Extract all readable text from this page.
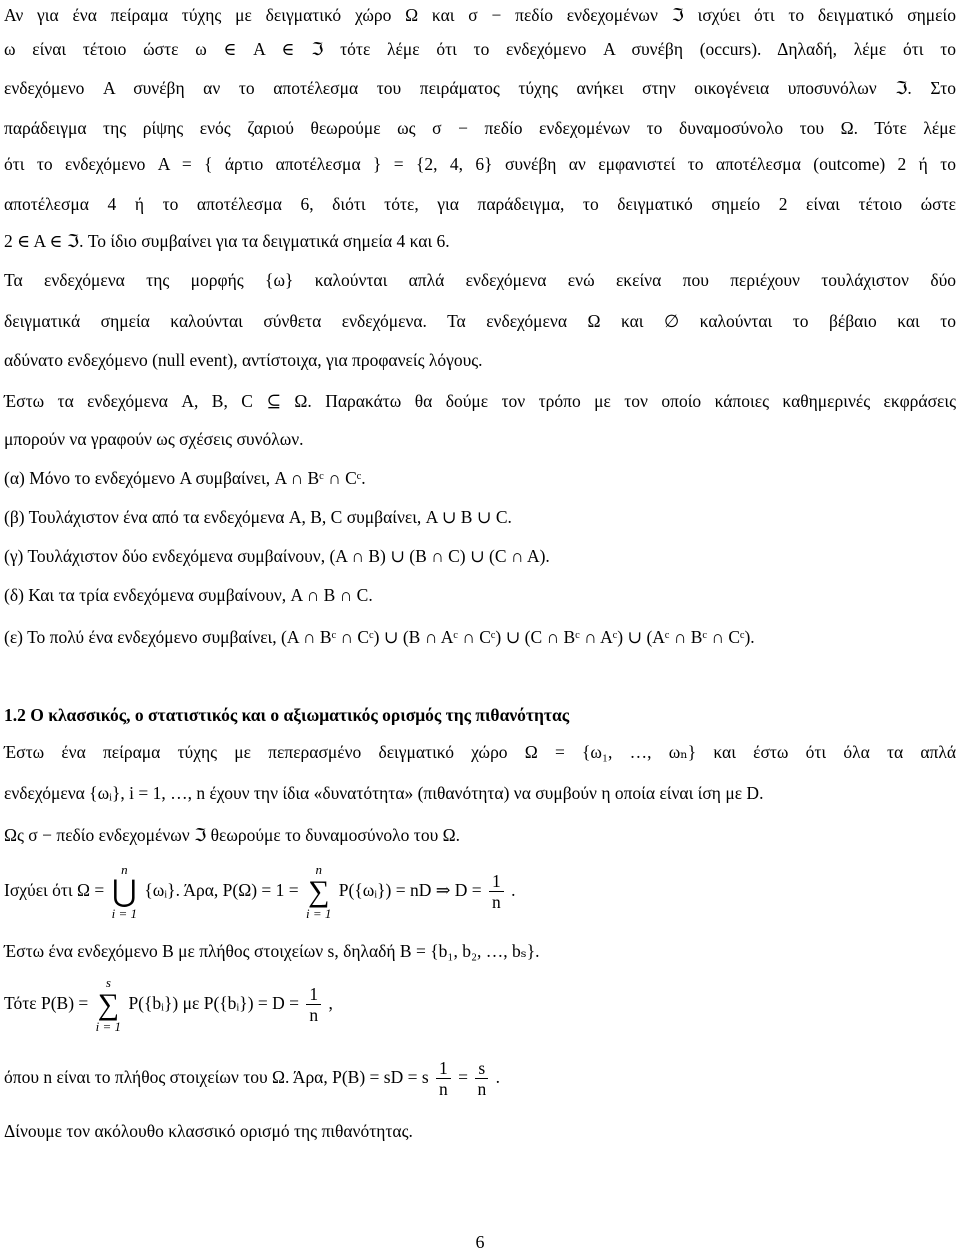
Αν για ένα πείραμα τύχης με δειγματικό χώρο Ω και σ − πεδίο ενδεχομένων ℑ ισχύει ότι το δειγματικό σημείο
ω είναι τέτοιο ώστε ω ∈ A ∈ ℑ τότε λέμε ότι το ενδεχόμενο A συνέβη (occurs). Δηλαδή, λέμε ότι το
ενδεχόμενο A συνέβη αν το αποτέλεσμα του πειράματος τύχης ανήκει στην οικογένεια υποσυνόλων ℑ. Στο
παράδειγμα της ρίψης ενός ζαριού θεωρούμε ως σ − πεδίο ενδεχομένων το δυναμοσύνολο του Ω. Τότε λέμε
ότι το ενδεχόμενο A = { άρτιο αποτέλεσμα } = {2, 4, 6} συνέβη αν εμφανιστεί το αποτέλεσμα (outcome) 2 ή το
αποτέλεσμα 4 ή το αποτέλεσμα 6, διότι τότε, για παράδειγμα, το δειγματικό σημείο 2 είναι τέτοιο ώστε
2 ∈ A ∈ ℑ. Το ίδιο συμβαίνει για τα δειγματικά σημεία 4 και 6.
Τα ενδεχόμενα της μορφής {ω} καλούνται απλά ενδεχόμενα ενώ εκείνα που περιέχουν τουλάχιστον δύο
δειγματικά σημεία καλούνται σύνθετα ενδεχόμενα. Τα ενδεχόμενα Ω και ∅ καλούνται το βέβαιο και το
αδύνατο ενδεχόμενο (null event), αντίστοιχα, για προφανείς λόγους.
Έστω τα ενδεχόμενα A, B, C ⊆ Ω. Παρακάτω θα δούμε τον τρόπο με τον οποίο κάποιες καθημερινές εκφράσεις
μπορούν να γραφούν ως σχέσεις συνόλων.
(α) Μόνο το ενδεχόμενο A συμβαίνει, A ∩ Bᶜ ∩ Cᶜ.
(β) Τουλάχιστον ένα από τα ενδεχόμενα A, B, C συμβαίνει, A ∪ B ∪ C.
(γ) Τουλάχιστον δύο ενδεχόμενα συμβαίνουν, (A ∩ B) ∪ (B ∩ C) ∪ (C ∩ A).
(δ) Και τα τρία ενδεχόμενα συμβαίνουν, A ∩ B ∩ C.
(ε) Το πολύ ένα ενδεχόμενο συμβαίνει, (A ∩ Bᶜ ∩ Cᶜ) ∪ (B ∩ Aᶜ ∩ Cᶜ) ∪ (C ∩ Bᶜ ∩ Aᶜ) ∪ (Aᶜ ∩ Bᶜ ∩ Cᶜ).
1.2 Ο κλασσικός, ο στατιστικός και ο αξιωματικός ορισμός της πιθανότητας
Έστω ένα πείραμα τύχης με πεπερασμένο δειγματικό χώρο Ω = {ω₁, …, ωₙ} και έστω ότι όλα τα απλά
ενδεχόμενα {ωᵢ}, i = 1, …, n έχουν την ίδια «δυνατότητα» (πιθανότητα) να συμβούν η οποία είναι ίση με D.
Ως σ − πεδίο ενδεχομένων ℑ θεωρούμε το δυναμοσύνολο του Ω.
Ισχύει ότι Ω =
n
⋃
i = 1
{ωᵢ}. Άρα, P(Ω) = 1 =
n
∑
i = 1
P({ωᵢ}) = nD ⇒ $D = \frac{1}{n}$ .
Έστω ένα ενδεχόμενο B με πλήθος στοιχείων s, δηλαδή B = {b₁, b₂, …, bₛ}.
Τότε P(B) =
s
∑
i = 1
P({bᵢ}) με P({bᵢ}) = $D = \frac{1}{n}$ ,
όπου n είναι το πλήθος στοιχείων του Ω. Άρα, P(B) = sD = s $\frac{1}{n} = \frac{s}{n}$ .
Δίνουμε τον ακόλουθο κλασσικό ορισμό της πιθανότητας.
6
